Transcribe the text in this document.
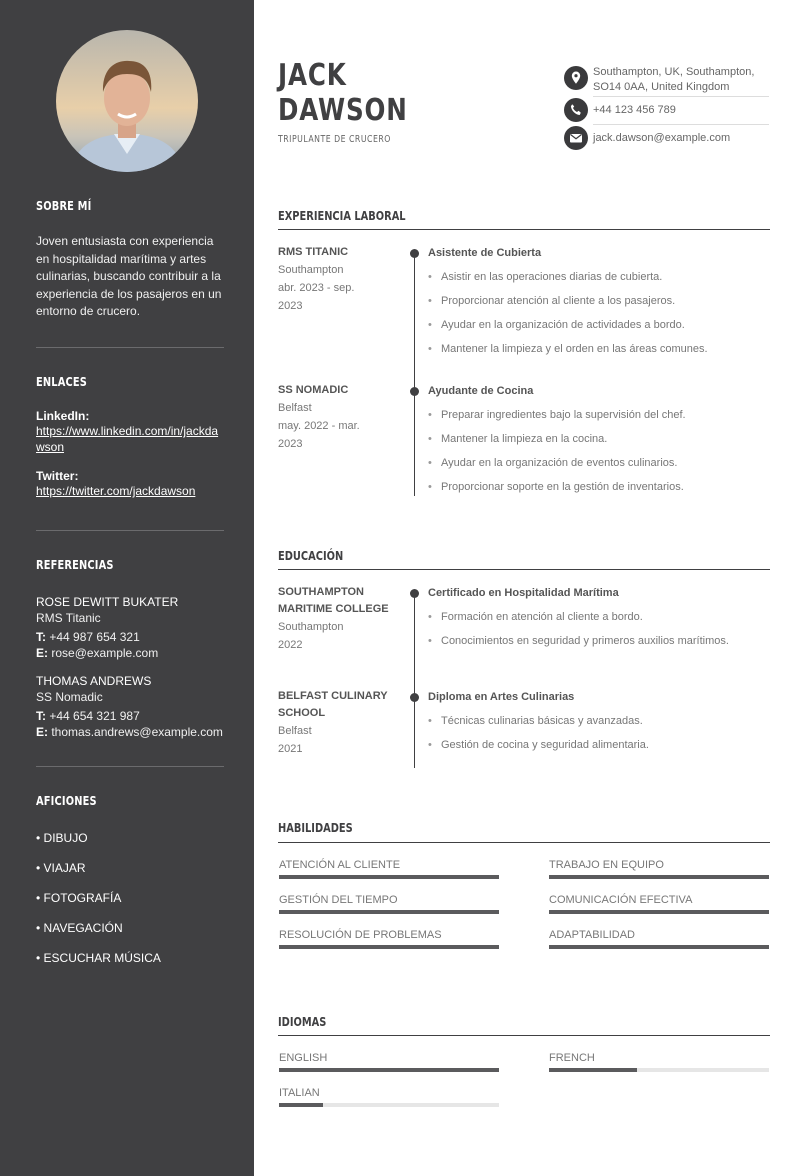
SOBRE MÍ
Joven entusiasta con experiencia en hospitalidad marítima y artes culinarias, buscando contribuir a la experiencia de los pasajeros en un entorno de crucero.
ENLACES
LinkedIn:
https://www.linkedin.com/in/jackdawson
Twitter:
https://twitter.com/jackdawson
REFERENCIAS
ROSE DEWITT BUKATER
RMS Titanic
T: +44 987 654 321
E: rose@example.com
THOMAS ANDREWS
SS Nomadic
T: +44 654 321 987
E: thomas.andrews@example.com
AFICIONES
• DIBUJO
• VIAJAR
• FOTOGRAFÍA
• NAVEGACIÓN
• ESCUCHAR MÚSICA
JACK
DAWSON
TRIPULANTE DE CRUCERO
Southampton, UK, Southampton,
SO14 0AA, United Kingdom
+44 123 456 789
jack.dawson@example.com
EXPERIENCIA LABORAL
RMS TITANIC
Southampton
abr. 2023 - sep.
2023
Asistente de Cubierta
• Asistir en las operaciones diarias de cubierta.
• Proporcionar atención al cliente a los pasajeros.
• Ayudar en la organización de actividades a bordo.
• Mantener la limpieza y el orden en las áreas comunes.
SS NOMADIC
Belfast
may. 2022 - mar.
2023
Ayudante de Cocina
• Preparar ingredientes bajo la supervisión del chef.
• Mantener la limpieza en la cocina.
• Ayudar en la organización de eventos culinarios.
• Proporcionar soporte en la gestión de inventarios.
EDUCACIÓN
SOUTHAMPTON
MARITIME COLLEGE
Southampton
2022
Certificado en Hospitalidad Marítima
• Formación en atención al cliente a bordo.
• Conocimientos en seguridad y primeros auxilios marítimos.
BELFAST CULINARY
SCHOOL
Belfast
2021
Diploma en Artes Culinarias
• Técnicas culinarias básicas y avanzadas.
• Gestión de cocina y seguridad alimentaria.
HABILIDADES
ATENCIÓN AL CLIENTE	TRABAJO EN EQUIPO
GESTIÓN DEL TIEMPO	COMUNICACIÓN EFECTIVA
RESOLUCIÓN DE PROBLEMAS	ADAPTABILIDAD
IDIOMAS
ENGLISH	FRENCH
ITALIAN
